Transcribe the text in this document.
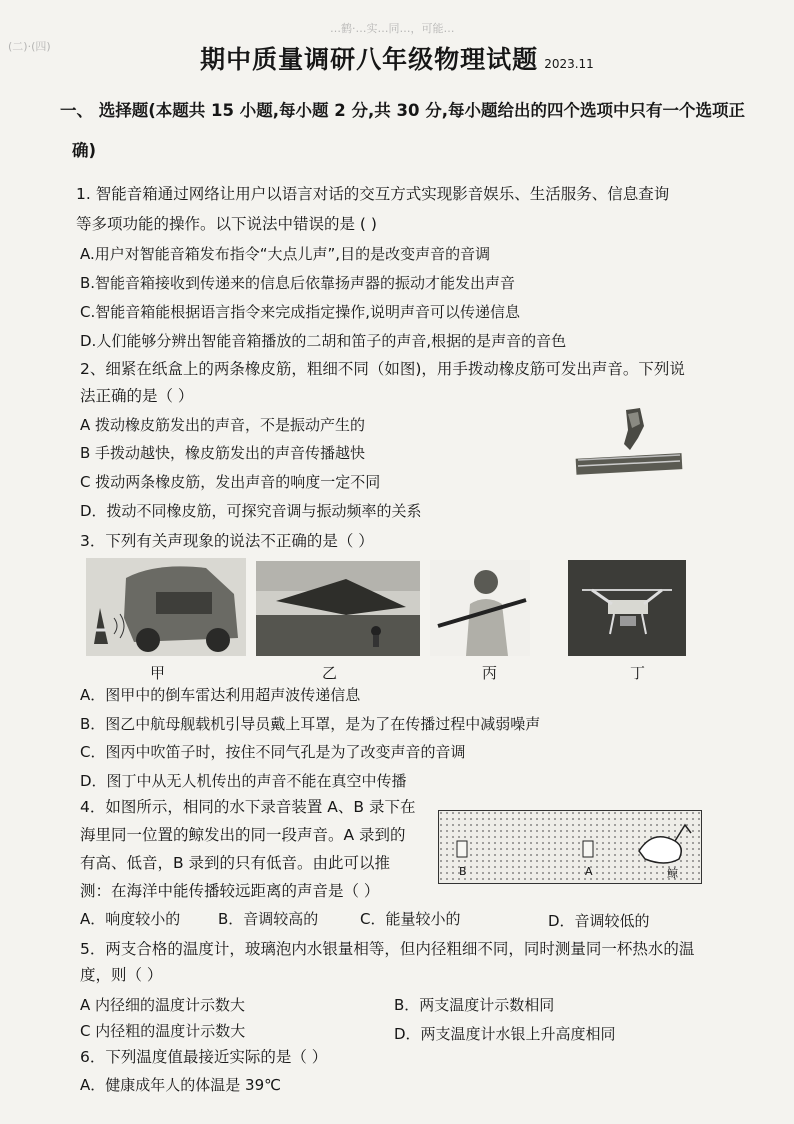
(二)·(四)
…鹤·…实…同…，可能…
期中质量调研八年级物理试题 2023.11
一、 选择题(本题共 15 小题,每小题 2 分,共 30 分,每小题给出的四个选项中只有一个选项正
确)
1. 智能音箱通过网络让用户以语言对话的交互方式实现影音娱乐、生活服务、信息查询
等多项功能的操作。以下说法中错误的是 ( )
A.用户对智能音箱发布指令“大点儿声”,目的是改变声音的音调
B.智能音箱接收到传递来的信息后依靠扬声器的振动才能发出声音
C.智能音箱能根据语言指令来完成指定操作,说明声音可以传递信息
D.人们能够分辨出智能音箱播放的二胡和笛子的声音,根据的是声音的音色
2、细紧在纸盒上的两条橡皮筋，粗细不同（如图)，用手拨动橡皮筋可发出声音。下列说
法正确的是（ ）
A 拨动橡皮筋发出的声音，不是振动产生的
B 手拨动越快，橡皮筋发出的声音传播越快
C 拨动两条橡皮筋，发出声音的响度一定不同
D．拨动不同橡皮筋，可探究音调与振动频率的关系
3．下列有关声现象的说法不正确的是（ ）
甲	乙	丙	丁
A．图甲中的倒车雷达利用超声波传递信息
B．图乙中航母舰载机引导员戴上耳罩，是为了在传播过程中减弱噪声
C．图丙中吹笛子时，按住不同气孔是为了改变声音的音调
D．图丁中从无人机传出的声音不能在真空中传播
4．如图所示，相同的水下录音装置 A、B 录下在
海里同一位置的鲸发出的同一段声音。A 录到的
有高、低音，B 录到的只有低音。由此可以推
测：在海洋中能传播较远距离的声音是（ ）
B	A	鲸
A．响度较小的	B．音调较高的	C．能量较小的	D．音调较低的
5．两支合格的温度计，玻璃泡内水银量相等，但内径粗细不同，同时测量同一杯热水的温
度，则（ ）
A 内径细的温度计示数大	B．两支温度计示数相同
C 内径粗的温度计示数大	D．两支温度计水银上升高度相同
6．下列温度值最接近实际的是（ ）
A．健康成年人的体温是 39℃
